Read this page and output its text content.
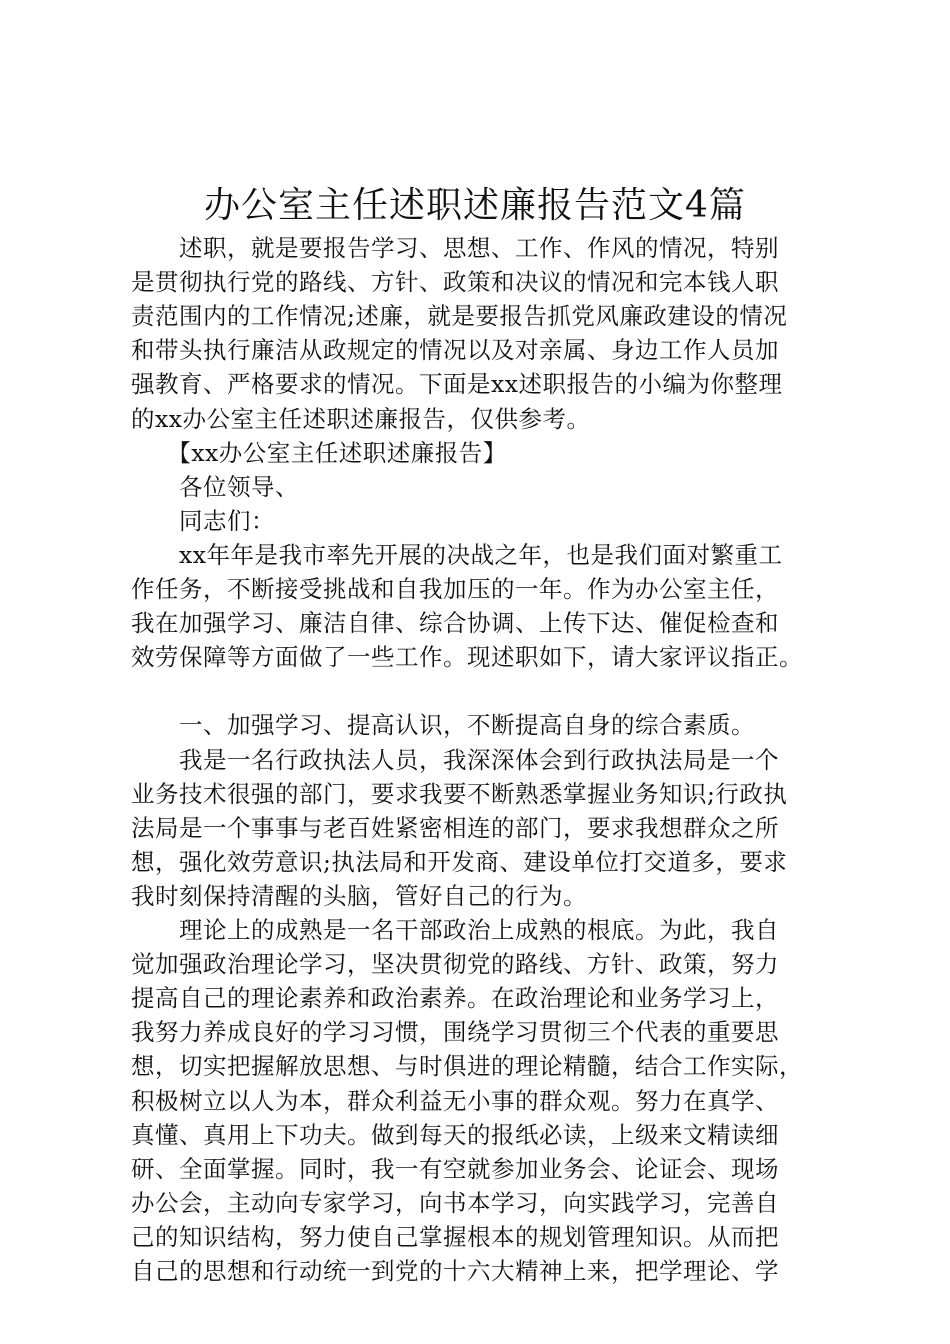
办公室主任述职述廉报告范文4篇
　　述职，就是要报告学习、思想、工作、作风的情况，特别
是贯彻执行党的路线、方针、政策和决议的情况和完本钱人职
责范围内的工作情况;述廉，就是要报告抓党风廉政建设的情况
和带头执行廉洁从政规定的情况以及对亲属、身边工作人员加
强教育、严格要求的情况。下面是xx述职报告的小编为你整理
的xx办公室主任述职述廉报告，仅供参考。
　　【xx办公室主任述职述廉报告】
　　各位领导、
　　同志们：
　　xx年年是我市率先开展的决战之年，也是我们面对繁重工
作任务，不断接受挑战和自我加压的一年。作为办公室主任，
我在加强学习、廉洁自律、综合协调、上传下达、催促检查和
效劳保障等方面做了一些工作。现述职如下，请大家评议指正。
　　一、加强学习、提高认识，不断提高自身的综合素质。
　　我是一名行政执法人员，我深深体会到行政执法局是一个
业务技术很强的部门，要求我要不断熟悉掌握业务知识;行政执
法局是一个事事与老百姓紧密相连的部门，要求我想群众之所
想，强化效劳意识;执法局和开发商、建设单位打交道多，要求
我时刻保持清醒的头脑，管好自己的行为。
　　理论上的成熟是一名干部政治上成熟的根底。为此，我自
觉加强政治理论学习，坚决贯彻党的路线、方针、政策，努力
提高自己的理论素养和政治素养。在政治理论和业务学习上，
我努力养成良好的学习习惯，围绕学习贯彻三个代表的重要思
想，切实把握解放思想、与时俱进的理论精髓，结合工作实际，
积极树立以人为本，群众利益无小事的群众观。努力在真学、
真懂、真用上下功夫。做到每天的报纸必读，上级来文精读细
研、全面掌握。同时，我一有空就参加业务会、论证会、现场
办公会，主动向专家学习，向书本学习，向实践学习，完善自
己的知识结构，努力使自己掌握根本的规划管理知识。从而把
自己的思想和行动统一到党的十六大精神上来，把学理论、学
